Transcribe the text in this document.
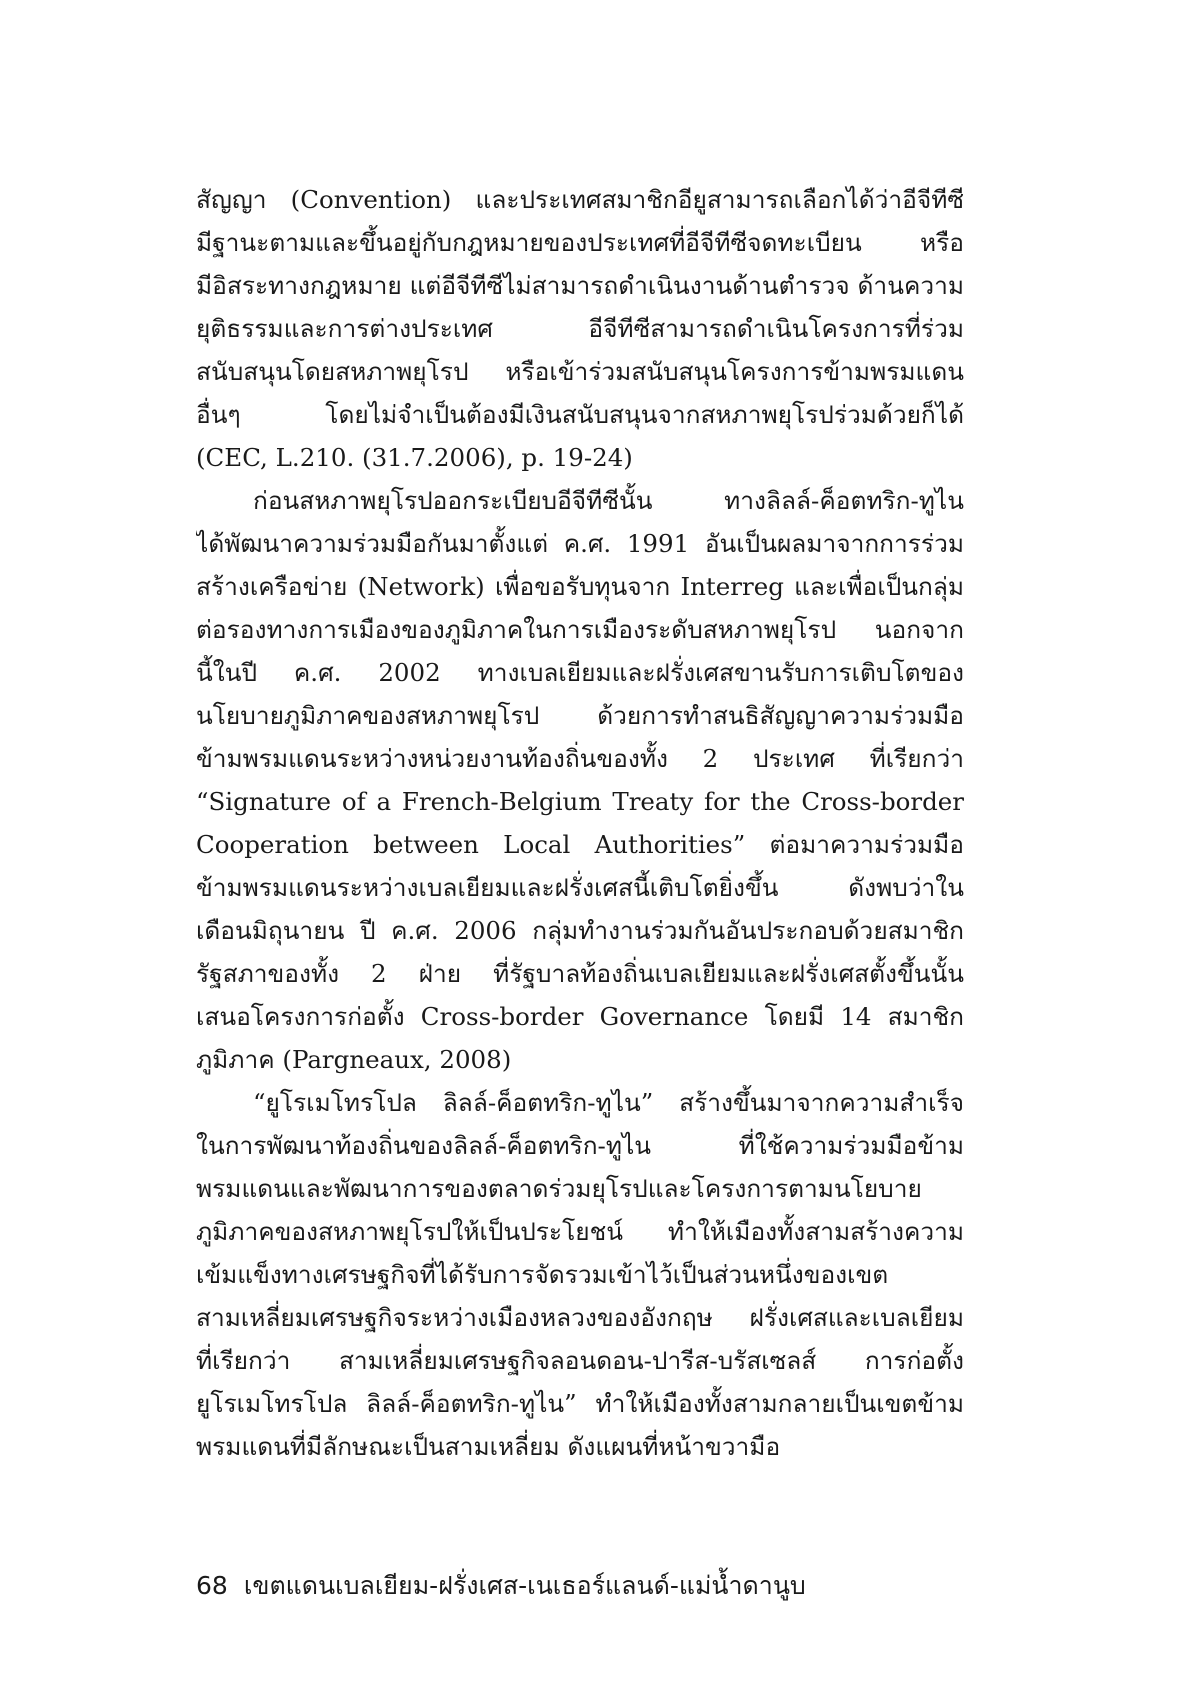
สัญญา (Convention) และประเทศสมาชิกอียูสามารถเลือกได้ว่าอีจีทีซี
มีฐานะตามและขึ้นอยู่กับกฎหมายของประเทศที่อีจีทีซีจดทะเบียน หรือ
มีอิสระทางกฎหมาย แต่อีจีทีซีไม่สามารถดำเนินงานด้านตำรวจ ด้านความ
ยุติธรรมและการต่างประเทศ อีจีทีซีสามารถดำเนินโครงการที่ร่วม
สนับสนุนโดยสหภาพยุโรป หรือเข้าร่วมสนับสนุนโครงการข้ามพรมแดน
อื่นๆ โดยไม่จำเป็นต้องมีเงินสนับสนุนจากสหภาพยุโรปร่วมด้วยก็ได้
(CEC, L.210. (31.7.2006), p. 19-24)
ก่อนสหภาพยุโรปออกระเบียบอีจีทีซีนั้น ทางลิลล์-ค็อตทริก-ทูไน
ได้พัฒนาความร่วมมือกันมาตั้งแต่ ค.ศ. 1991 อันเป็นผลมาจากการร่วม
สร้างเครือข่าย (Network) เพื่อขอรับทุนจาก Interreg และเพื่อเป็นกลุ่ม
ต่อรองทางการเมืองของภูมิภาคในการเมืองระดับสหภาพยุโรป นอกจาก
นี้ในปี ค.ศ. 2002 ทางเบลเยียมและฝรั่งเศสขานรับการเติบโตของ
นโยบายภูมิภาคของสหภาพยุโรป ด้วยการทำสนธิสัญญาความร่วมมือ
ข้ามพรมแดนระหว่างหน่วยงานท้องถิ่นของทั้ง 2 ประเทศ ที่เรียกว่า
“Signature of a French-Belgium Treaty for the Cross-border
Cooperation between Local Authorities” ต่อมาความร่วมมือ
ข้ามพรมแดนระหว่างเบลเยียมและฝรั่งเศสนี้เติบโตยิ่งขึ้น ดังพบว่าใน
เดือนมิถุนายน ปี ค.ศ. 2006 กลุ่มทำงานร่วมกันอันประกอบด้วยสมาชิก
รัฐสภาของทั้ง 2 ฝ่าย ที่รัฐบาลท้องถิ่นเบลเยียมและฝรั่งเศสตั้งขึ้นนั้น
เสนอโครงการก่อตั้ง Cross-border Governance โดยมี 14 สมาชิก
ภูมิภาค (Pargneaux, 2008)
“ยูโรเมโทรโปล ลิลล์-ค็อตทริก-ทูไน” สร้างขึ้นมาจากความสำเร็จ
ในการพัฒนาท้องถิ่นของลิลล์-ค็อตทริก-ทูไน ที่ใช้ความร่วมมือข้าม
พรมแดนและพัฒนาการของตลาดร่วมยุโรปและโครงการตามนโยบาย
ภูมิภาคของสหภาพยุโรปให้เป็นประโยชน์ ทำให้เมืองทั้งสามสร้างความ
เข้มแข็งทางเศรษฐกิจที่ได้รับการจัดรวมเข้าไว้เป็นส่วนหนึ่งของเขต
สามเหลี่ยมเศรษฐกิจระหว่างเมืองหลวงของอังกฤษ ฝรั่งเศสและเบลเยียม
ที่เรียกว่า สามเหลี่ยมเศรษฐกิจลอนดอน-ปารีส-บรัสเซลส์ การก่อตั้ง
ยูโรเมโทรโปล ลิลล์-ค็อตทริก-ทูไน” ทำให้เมืองทั้งสามกลายเป็นเขตข้าม
พรมแดนที่มีลักษณะเป็นสามเหลี่ยม ดังแผนที่หน้าขวามือ
68 เขตแดนเบลเยียม-ฝรั่งเศส-เนเธอร์แลนด์-แม่น้ำดานูบ
